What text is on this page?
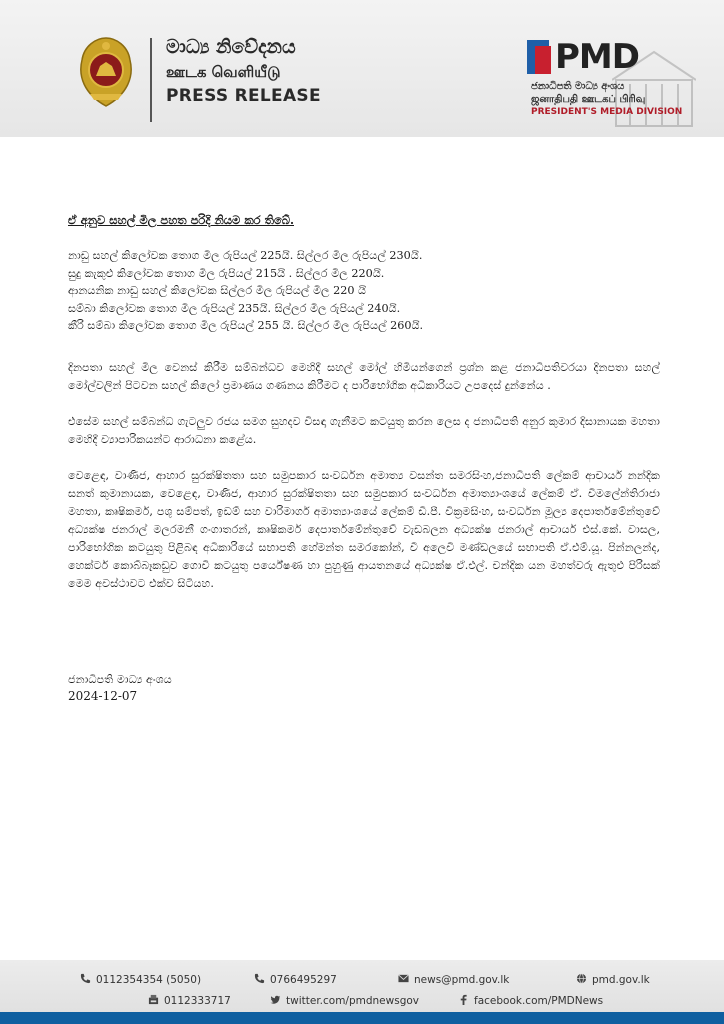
මාධ්‍ය නිවේදනය
ஊடக வெளியீடு
PRESS RELEASE
PMD
ජනාධිපති මාධ්‍ය අංශය
ஜனாதிபதி ஊடகப் பிரிவு
PRESIDENT'S MEDIA DIVISION

ඒ අනුව සහල් මිල පහත පරිදි නියම කර තිබේ.

නාඩු සහල් කිලෝවක තොග මිල රුපියල් 225යි. සිල්ලර මිල රුපියල් 230යි.
සුදු කැකුළු කිලෝවක තොග මිල රුපියල් 215යි . සිල්ලර මිල 220යි.
ආනයනික නාඩු සහල් කිලෝවක සිල්ලර මිල රුපියල් මිල 220 යි
සම්බා කිලෝවක තොග මිල රුපියල් 235යි. සිල්ලර මිල රුපියල් 240යි.
කීරි සම්බා කිලෝවක තොග මිල රුපියල් 255 යි. සිල්ලර මිල රුපියල් 260යි.

දිනපතා සහල් මිල වෙනස් කිරීම සම්බන්ධව මෙහිදී සහල් මෝල් හිමියන්ගෙන් ප්‍රශ්න කළ ජනාධිපතිවරයා දිනපතා සහල් මෝල්වලින් පිටවන සහල් කිලෝ ප්‍රමාණය ගණනය කිරීමට ද පාරිභෝගික අධිකාරියට උපදෙස් දුන්නේය .

එසේම සහල් සම්බන්ධ ගැටලුව රජය සමග සුහදව විසඳා ගැනීමට කටයුතු කරන ලෙස ද ජනාධිපති අනුර කුමාර දිසානායක මහතා මෙහිදී ව්‍යාපාරිකයන්ට ආරාධනා කළේය.

වෙළෙඳ, වාණිජ, ආහාර සුරක්ෂිතතා සහ සමුපකාර සංවර්ධන අමාත්‍ය වසන්ත සමරසිංහ,ජනාධිපති ලේකම් ආචාර්ය නන්දික සනත් කුමානායක, වෙළෙඳ, වාණිජ, ආහාර සුරක්ෂිතතා සහ සමුපකාර සංවර්ධන අමාත්‍යාංශයේ ලේකම් ඒ. විමලේන්තිරාජා මහතා, කෘෂිකර්ම, පශු සම්පත්, ඉඩම් සහ වාරිමාර්ග අමාත්‍යාංශයේ ලේකම් ඩී.පී. වික්‍රමසිංහ, සංවර්ධන මූල්‍ය දෙපාර්තමේන්තුවේ අධ්‍යක්ෂ ජනරාල් මලරමනී ගංගාතරන්, කෘෂිකර්ම දෙපාර්තමේන්තුවේ වැඩබලන අධ්‍යක්ෂ ජනරාල් ආචාර්ය එස්.කේ. වාසල, පාරිභෝගික කටයුතු පිළිබඳ අධිකාරියේ සභාපති හේමන්ත සමරකෝන්, වී අලෙවි මණ්ඩලයේ සභාපති ඒ.එම්.යූ. පින්නලන්ද, හෙක්ටර් කොබ්බෑකඩුව ගොවි කටයුතු පර්යේෂණ හා පුහුණු ආයතනයේ අධ්‍යක්ෂ ඒ.එල්. චන්දික යන මහත්වරු ඇතුළු පිරිසක් මෙම අවස්ථාවට එක්ව සිටියහ.

ජනාධිපති මාධ්‍ය අංශය
2024-12-07
0112354354 (5050)	0766495297	news@pmd.gov.lk	pmd.gov.lk
0112333717	twitter.com/pmdnewsgov	facebook.com/PMDNews
